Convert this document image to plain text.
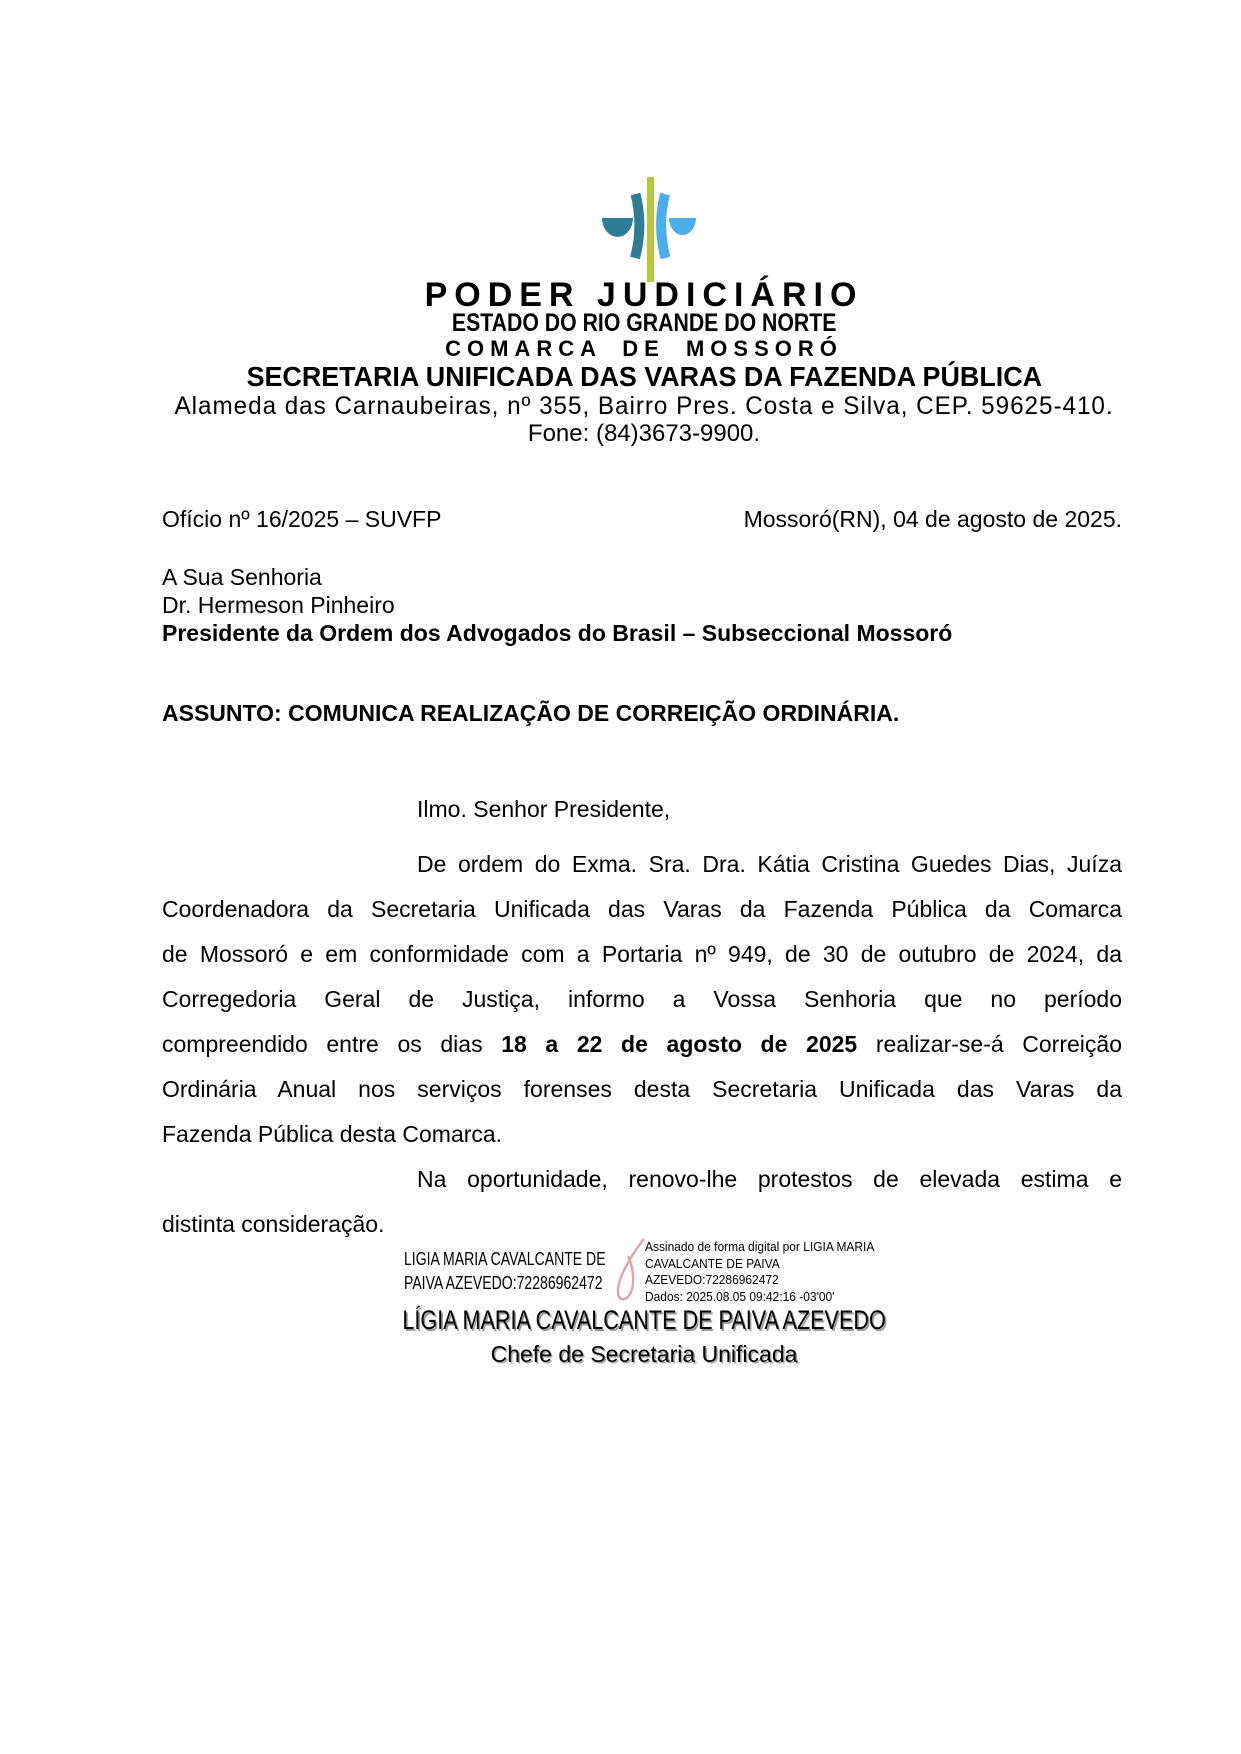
PODER JUDICIÁRIO
ESTADO DO RIO GRANDE DO NORTE
COMARCA DE MOSSORÓ
SECRETARIA UNIFICADA DAS VARAS DA FAZENDA PÚBLICA
Alameda das Carnaubeiras, nº 355, Bairro Pres. Costa e Silva, CEP. 59625-410.
Fone: (84)3673-9900.
Ofício nº 16/2025 – SUVFP	Mossoró(RN), 04 de agosto de 2025.
A Sua Senhoria
Dr. Hermeson Pinheiro
Presidente da Ordem dos Advogados do Brasil – Subseccional Mossoró
ASSUNTO: COMUNICA REALIZAÇÃO DE CORREIÇÃO ORDINÁRIA.
Ilmo. Senhor Presidente,
De ordem do Exma. Sra. Dra. Kátia Cristina Guedes Dias, Juíza
Coordenadora da Secretaria Unificada das Varas da Fazenda Pública da Comarca
de Mossoró e em conformidade com a Portaria nº 949, de 30 de outubro de 2024, da
Corregedoria Geral de Justiça, informo a Vossa Senhoria que no período
compreendido entre os dias 18 a 22 de agosto de 2025 realizar-se-á Correição
Ordinária Anual nos serviços forenses desta Secretaria Unificada das Varas da
Fazenda Pública desta Comarca.
Na oportunidade, renovo-lhe protestos de elevada estima e
distinta consideração.
LIGIA MARIA CAVALCANTE DE
PAIVA AZEVEDO:72286962472
Assinado de forma digital por LIGIA MARIA
CAVALCANTE DE PAIVA
AZEVEDO:72286962472
Dados: 2025.08.05 09:42:16 -03'00'
LÍGIA MARIA CAVALCANTE DE PAIVA AZEVEDO
Chefe de Secretaria Unificada
